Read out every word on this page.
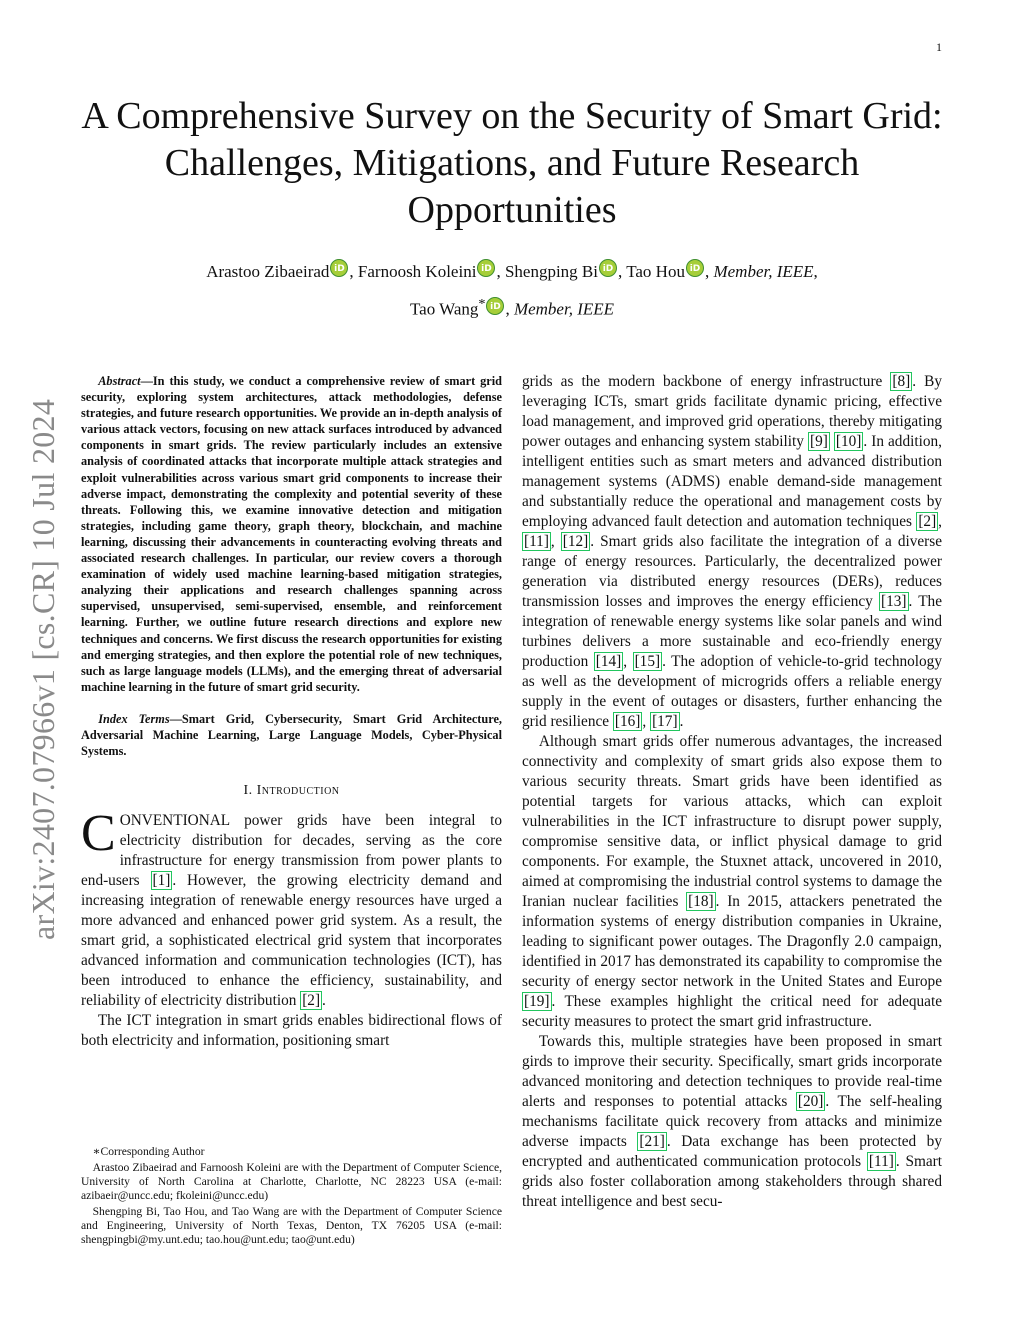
1
A Comprehensive Survey on the Security of Smart Grid: Challenges, Mitigations, and Future Research Opportunities
Arastoo Zibaeirad iD , Farnoosh Koleini iD , Shengping Bi iD , Tao Hou iD , Member, IEEE,
Tao Wang* iD , Member, IEEE
arXiv:2407.07966v1 [cs.CR] 10 Jul 2024

Abstract—In this study, we conduct a comprehensive review of smart grid security, exploring system architectures, attack methodologies, defense strategies, and future research opportunities. We provide an in-depth analysis of various attack vectors, focusing on new attack surfaces introduced by advanced components in smart grids. The review particularly includes an extensive analysis of coordinated attacks that incorporate multiple attack strategies and exploit vulnerabilities across various smart grid components to increase their adverse impact, demonstrating the complexity and potential severity of these threats. Following this, we examine innovative detection and mitigation strategies, including game theory, graph theory, blockchain, and machine learning, discussing their advancements in counteracting evolving threats and associated research challenges. In particular, our review covers a thorough examination of widely used machine learning-based mitigation strategies, analyzing their applications and research challenges spanning across supervised, unsupervised, semi-supervised, ensemble, and reinforcement learning. Further, we outline future research directions and explore new techniques and concerns. We first discuss the research opportunities for existing and emerging strategies, and then explore the potential role of new techniques, such as large language models (LLMs), and the emerging threat of adversarial machine learning in the future of smart grid security.

Index Terms—Smart Grid, Cybersecurity, Smart Grid Architecture, Adversarial Machine Learning, Large Language Models, Cyber-Physical Systems.

I. Introduction

CONVENTIONAL power grids have been integral to electricity distribution for decades, serving as the core infrastructure for energy transmission from power plants to end-users [1] . However, the growing electricity demand and increasing integration of renewable energy resources have urged a more advanced and enhanced power grid system. As a result, the smart grid, a sophisticated electrical grid system that incorporates advanced information and communication technologies (ICT), has been introduced to enhance the efficiency, sustainability, and reliability of electricity distribution [2] .

The ICT integration in smart grids enables bidirectional flows of both electricity and information, positioning smart

∗Corresponding Author

Arastoo Zibaeirad and Farnoosh Koleini are with the Department of Computer Science, University of North Carolina at Charlotte, Charlotte, NC 28223 USA (e-mail: azibaeir@uncc.edu; fkoleini@uncc.edu)

Shengping Bi, Tao Hou, and Tao Wang are with the Department of Computer Science and Engineering, University of North Texas, Denton, TX 76205 USA (e-mail: shengpingbi@my.unt.edu; tao.hou@unt.edu; tao@unt.edu)

grids as the modern backbone of energy infrastructure [8] . By leveraging ICTs, smart grids facilitate dynamic pricing, effective load management, and improved grid operations, thereby mitigating power outages and enhancing system stability [9] [10] . In addition, intelligent entities such as smart meters and advanced distribution management systems (ADMS) enable demand-side management and substantially reduce the operational and management costs by employing advanced fault detection and automation techniques [2] , [11] , [12] . Smart grids also facilitate the integration of a diverse range of energy resources. Particularly, the decentralized power generation via distributed energy resources (DERs), reduces transmission losses and improves the energy efficiency [13] . The integration of renewable energy systems like solar panels and wind turbines delivers a more sustainable and eco-friendly energy production [14] , [15] . The adoption of vehicle-to-grid technology as well as the development of microgrids offers a reliable energy supply in the event of outages or disasters, further enhancing the grid resilience [16] , [17] .

Although smart grids offer numerous advantages, the increased connectivity and complexity of smart grids also expose them to various security threats. Smart grids have been identified as potential targets for various attacks, which can exploit vulnerabilities in the ICT infrastructure to disrupt power supply, compromise sensitive data, or inflict physical damage to grid components. For example, the Stuxnet attack, uncovered in 2010, aimed at compromising the industrial control systems to damage the Iranian nuclear facilities [18] . In 2015, attackers penetrated the information systems of energy distribution companies in Ukraine, leading to significant power outages. The Dragonfly 2.0 campaign, identified in 2017 has demonstrated its capability to compromise the security of energy sector network in the United States and Europe [19] . These examples highlight the critical need for adequate security measures to protect the smart grid infrastructure.

Towards this, multiple strategies have been proposed in smart girds to improve their security. Specifically, smart grids incorporate advanced monitoring and detection techniques to provide real-time alerts and responses to potential attacks [20] . The self-healing mechanisms facilitate quick recovery from attacks and minimize adverse impacts [21] . Data exchange has been protected by encrypted and authenticated communication protocols [11] . Smart grids also foster collaboration among stakeholders through shared threat intelligence and best secu-
